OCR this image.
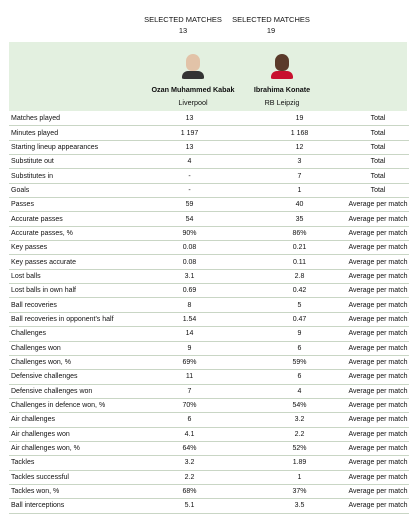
SELECTED MATCHES
13
SELECTED MATCHES
19
Ozan Muhammed Kabak
Liverpool
Ibrahima Konate
RB Leipzig
Matches played	13		19	Total
Minutes played	1 197		1 168	Total
Starting lineup appearances	13		12	Total
Substitute out	4		3	Total
Substitutes in	-		7	Total
Goals	-		1	Total
Passes	59		40	Average per match
Accurate passes	54		35	Average per match
Accurate passes, %	90%		86%	Average per match
Key passes	0.08		0.21	Average per match
Key passes accurate	0.08		0.11	Average per match
Lost balls	3.1		2.8	Average per match
Lost balls in own half	0.69		0.42	Average per match
Ball recoveries	8		5	Average per match
Ball recoveries in opponent's half	1.54		0.47	Average per match
Challenges	14		9	Average per match
Challenges won	9		6	Average per match
Challenges won, %	69%		59%	Average per match
Defensive challenges	11		6	Average per match
Defensive challenges won	7		4	Average per match
Challenges in defence won, %	70%		54%	Average per match
Air challenges	6		3.2	Average per match
Air challenges won	4.1		2.2	Average per match
Air challenges won, %	64%		52%	Average per match
Tackles	3.2		1.89	Average per match
Tackles successful	2.2		1	Average per match
Tackles won, %	68%		37%	Average per match
Ball interceptions	5.1		3.5	Average per match
